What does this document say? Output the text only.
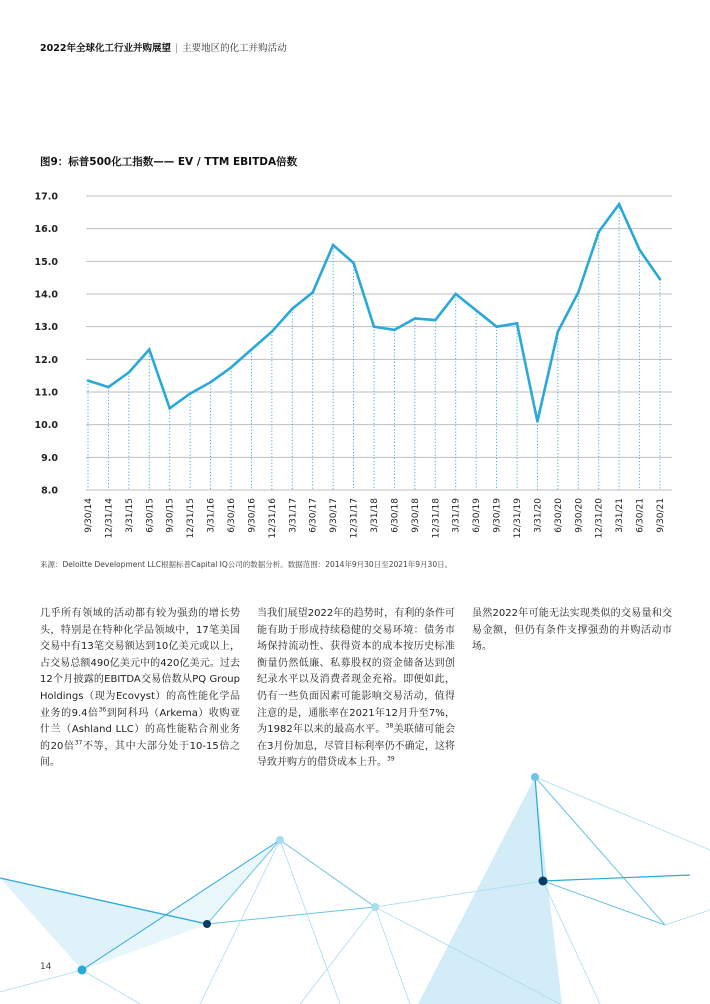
2022年全球化工行业并购展望 | 主要地区的化工并购活动
图9：标普500化工指数—— EV / TTM EBITDA倍数
17.0
16.0
15.0
14.0
13.0
12.0
11.0
10.0
9.0
8.0
9/30/14 12/31/14 3/31/15 6/30/15 9/30/15 12/31/15 3/31/16 6/30/16 9/30/16 12/31/16 3/31/17 6/30/17 9/30/17 12/31/17 3/31/18 6/30/18 9/30/18 12/31/18 3/31/19 6/30/19 9/30/19 12/31/19 3/31/20 6/30/20 9/30/20 12/31/20 3/31/21 6/30/21 9/30/21
来源：Deloitte Development LLC根据标普Capital IQ公司的数据分析。数据范围：2014年9月30日至2021年9月30日。

几乎所有领域的活动都有较为强劲的增长势头，特别是在特种化学品领域中，17笔美国交易中有13笔交易额达到10亿美元或以上，占交易总额490亿美元中的420亿美元。过去12个月披露的EBITDA交易倍数从PQ Group Holdings（现为Ecovyst）的高性能化学品业务的9.4倍$^{36}$到阿科玛（Arkema）收购亚什兰（Ashland LLC）的高性能粘合剂业务的20倍$^{37}$不等，其中大部分处于10-15倍之间。

当我们展望2022年的趋势时，有利的条件可能有助于形成持续稳健的交易环境：债务市场保持流动性、获得资本的成本按历史标准衡量仍然低廉、私募股权的资金储备达到创纪录水平以及消费者现金充裕。即便如此，仍有一些负面因素可能影响交易活动，值得注意的是，通胀率在2021年12月升至7%，为1982年以来的最高水平。$^{38}$美联储可能会在3月份加息，尽管目标利率仍不确定，这将导致并购方的借贷成本上升。$^{39}$

虽然2022年可能无法实现类似的交易量和交易金额，但仍有条件支撑强劲的并购活动市场。

14
